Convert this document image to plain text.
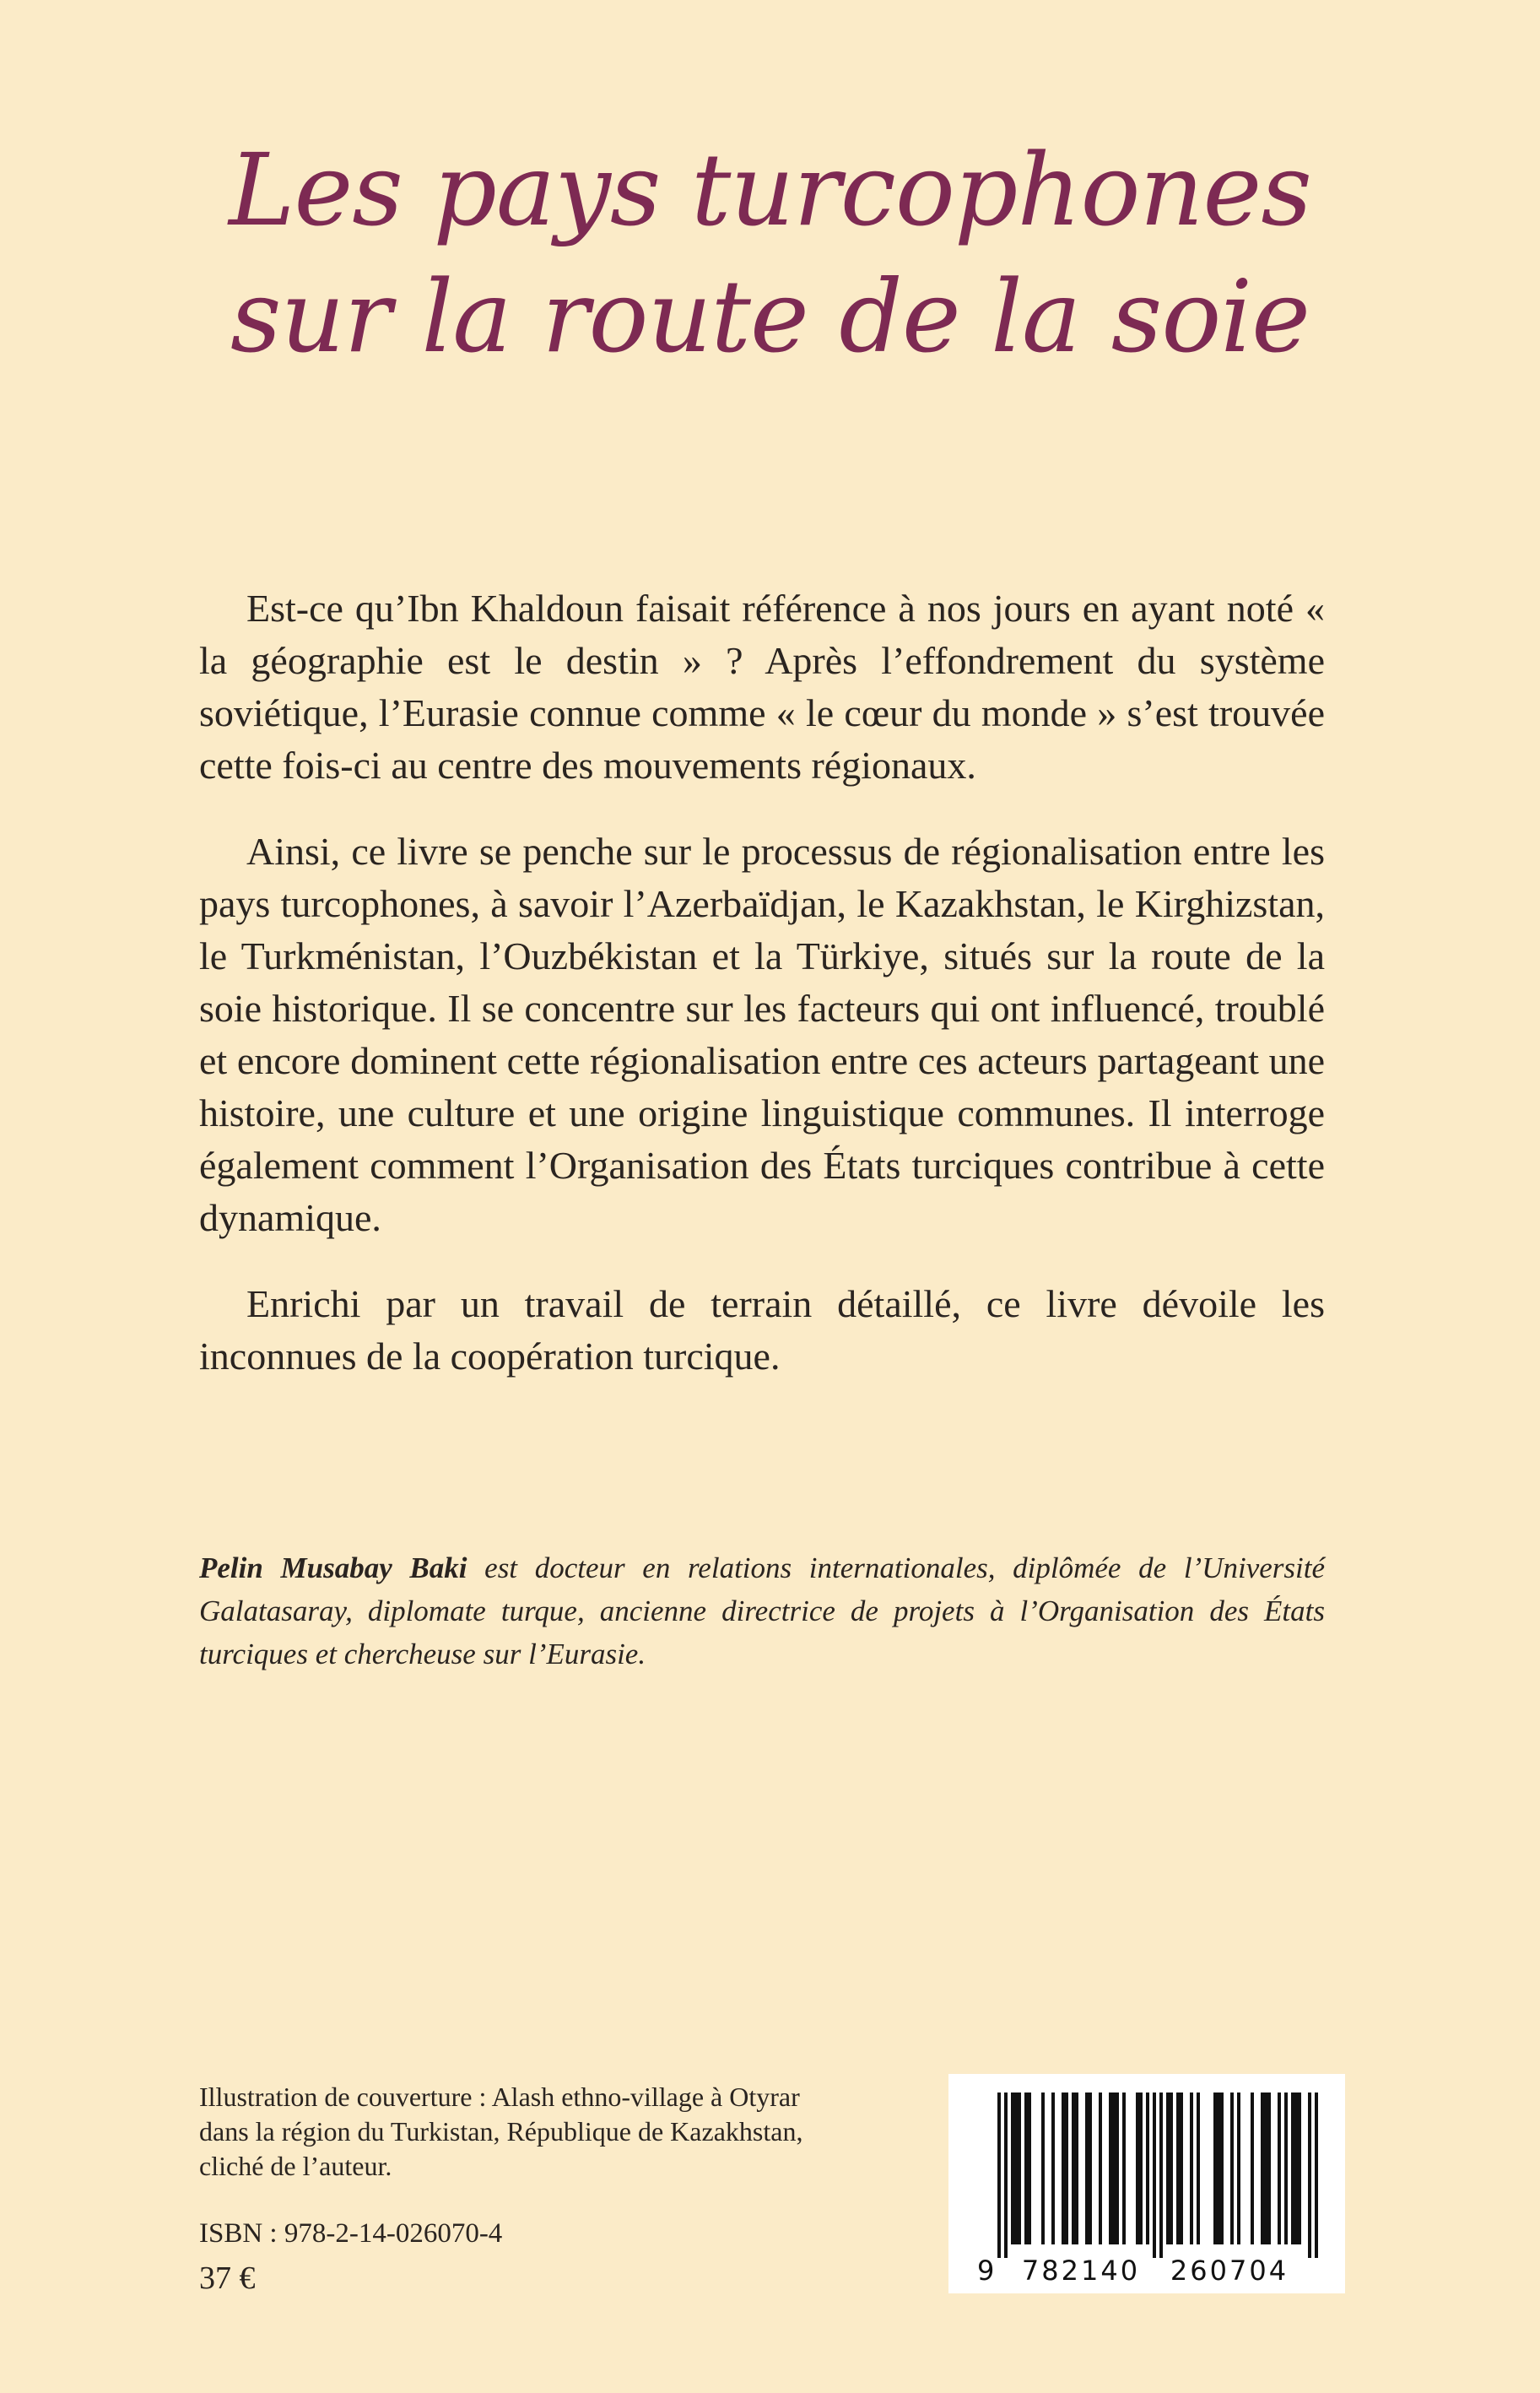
Les pays turcophones
sur la route de la soie

Est-ce qu’Ibn Khaldoun faisait référence à nos jours en ayant noté « la géographie est le destin » ? Après l’effondrement du système soviétique, l’Eurasie connue comme « le cœur du monde » s’est trouvée cette fois-ci au centre des mouvements régionaux.

Ainsi, ce livre se penche sur le processus de régionalisation entre les pays turcophones, à savoir l’Azerbaïdjan, le Kazakhstan, le Kirghizstan, le Turkménistan, l’Ouzbékistan et la Türkiye, situés sur la route de la soie historique. Il se concentre sur les facteurs qui ont influencé, troublé et encore dominent cette régionalisation entre ces acteurs partageant une histoire, une culture et une origine linguistique communes. Il interroge également comment l’Organisation des États turciques contribue à cette dynamique.

Enrichi par un travail de terrain détaillé, ce livre dévoile les inconnues de la coopération turcique.

Pelin Musabay Baki est docteur en relations internationales, diplômée de l’Université Galatasaray, diplomate turque, ancienne directrice de projets à l’Organisation des États turciques et chercheuse sur l’Eurasie.
Illustration de couverture : Alash ethno-village à Otyrar
dans la région du Turkistan, République de Kazakhstan,
cliché de l’auteur.
ISBN : 978-2-14-026070-4
37 €	9 782140 260704
